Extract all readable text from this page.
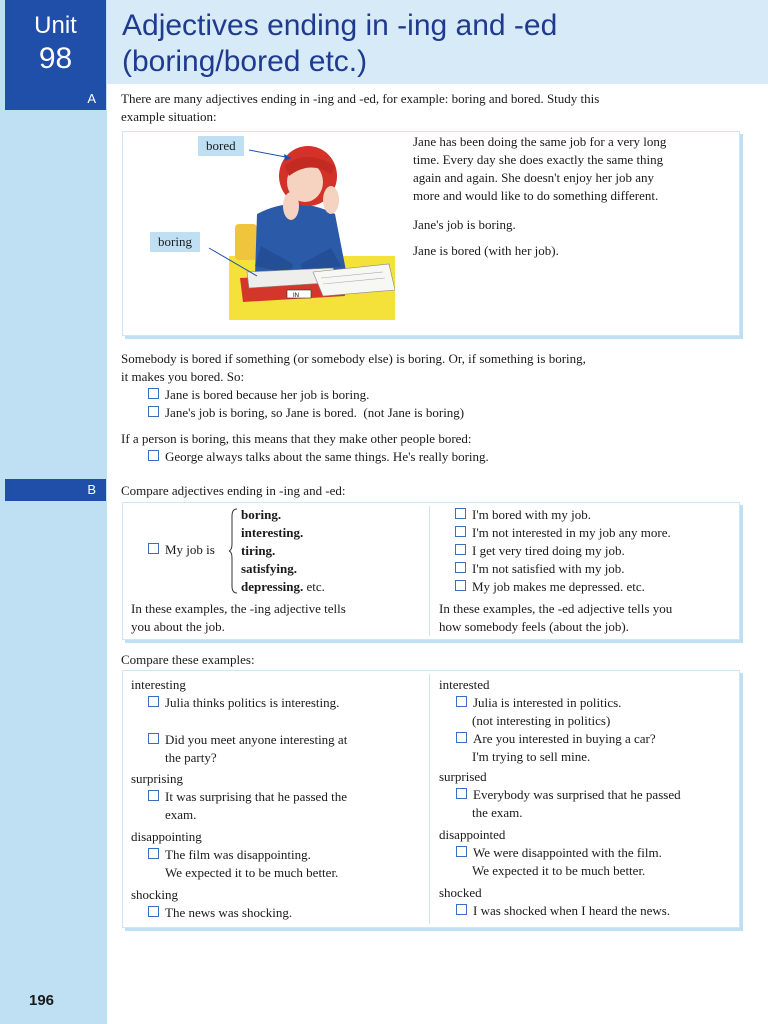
Unit
98
Adjectives ending in -ing and -ed
(boring/bored etc.)
A
B
There are many adjectives ending in -ing and -ed, for example: boring and bored. Study this
example situation:
IN
bored
boring
Jane has been doing the same job for a very long
time. Every day she does exactly the same thing
again and again. She doesn't enjoy her job any
more and would like to do something different.
Jane's job is boring.
Jane is bored (with her job).
Somebody is bored if something (or somebody else) is boring. Or, if something is boring,
it makes you bored. So:
Jane is bored because her job is boring.
Jane's job is boring, so Jane is bored. (not Jane is boring)
If a person is boring, this means that they make other people bored:
George always talks about the same things. He's really boring.
Compare adjectives ending in -ing and -ed:
My job is
boring.
interesting.
tiring.
satisfying.
depressing. etc.
I'm bored with my job.
I'm not interested in my job any more.
I get very tired doing my job.
I'm not satisfied with my job.
My job makes me depressed. etc.
In these examples, the -ing adjective tells
you about the job.
In these examples, the -ed adjective tells you
how somebody feels (about the job).
Compare these examples:
interesting
Julia thinks politics is interesting.
Did you meet anyone interesting at
the party?
surprising
It was surprising that he passed the
exam.
disappointing
The film was disappointing.
We expected it to be much better.
shocking
The news was shocking.
interested
Julia is interested in politics.
(not interesting in politics)
Are you interested in buying a car?
I'm trying to sell mine.
surprised
Everybody was surprised that he passed
the exam.
disappointed
We were disappointed with the film.
We expected it to be much better.
shocked
I was shocked when I heard the news.
196
